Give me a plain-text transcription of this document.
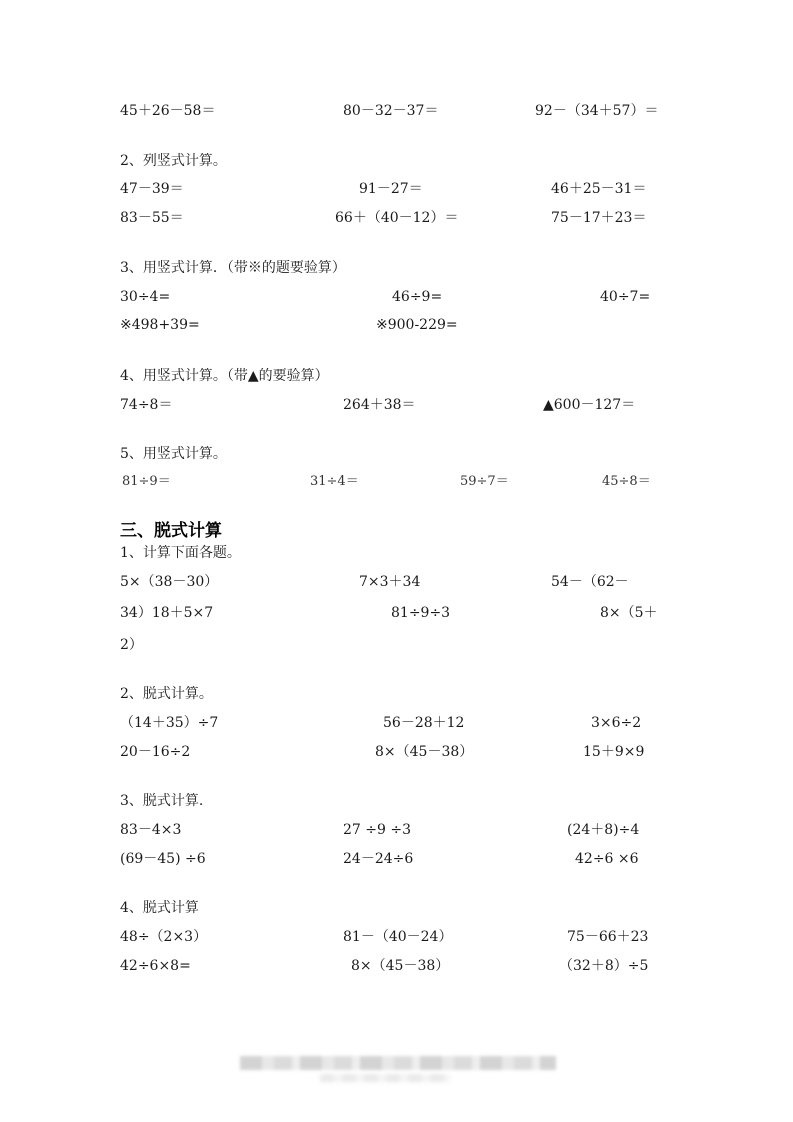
45＋26－58＝	80－32－37＝	92－（34＋57）＝
2、列竖式计算。
47－39＝	91－27＝	46＋25－31＝
83－55＝	66＋（40－12）＝	75－17＋23＝
3、用竖式计算．（带※的题要验算）
30÷4=	46÷9=	40÷7=
※498+39=	※900-229=
4、用竖式计算。（带▲的要验算）
74÷8＝	264＋38＝	▲600－127＝
5、用竖式计算。
81÷9＝	31÷4＝	59÷7＝	45÷8＝
三、脱式计算
1、计算下面各题。
5×（38－30）	7×3＋34	54－（62－
34）18＋5×7	81÷9÷3	8×（5＋
2）
2、脱式计算。
（14＋35）÷7	56－28＋12	3×6÷2
20－16÷2	8×（45－38）	15＋9×9
3、脱式计算.
83－4×3	27 ÷9 ÷3	(24＋8)÷4
(69－45) ÷6	24－24÷6	42÷6 ×6
4、脱式计算
48÷（2×3）	81－（40－24）	75－66＋23
42÷6×8=	8×（45－38）	（32＋8）÷5
